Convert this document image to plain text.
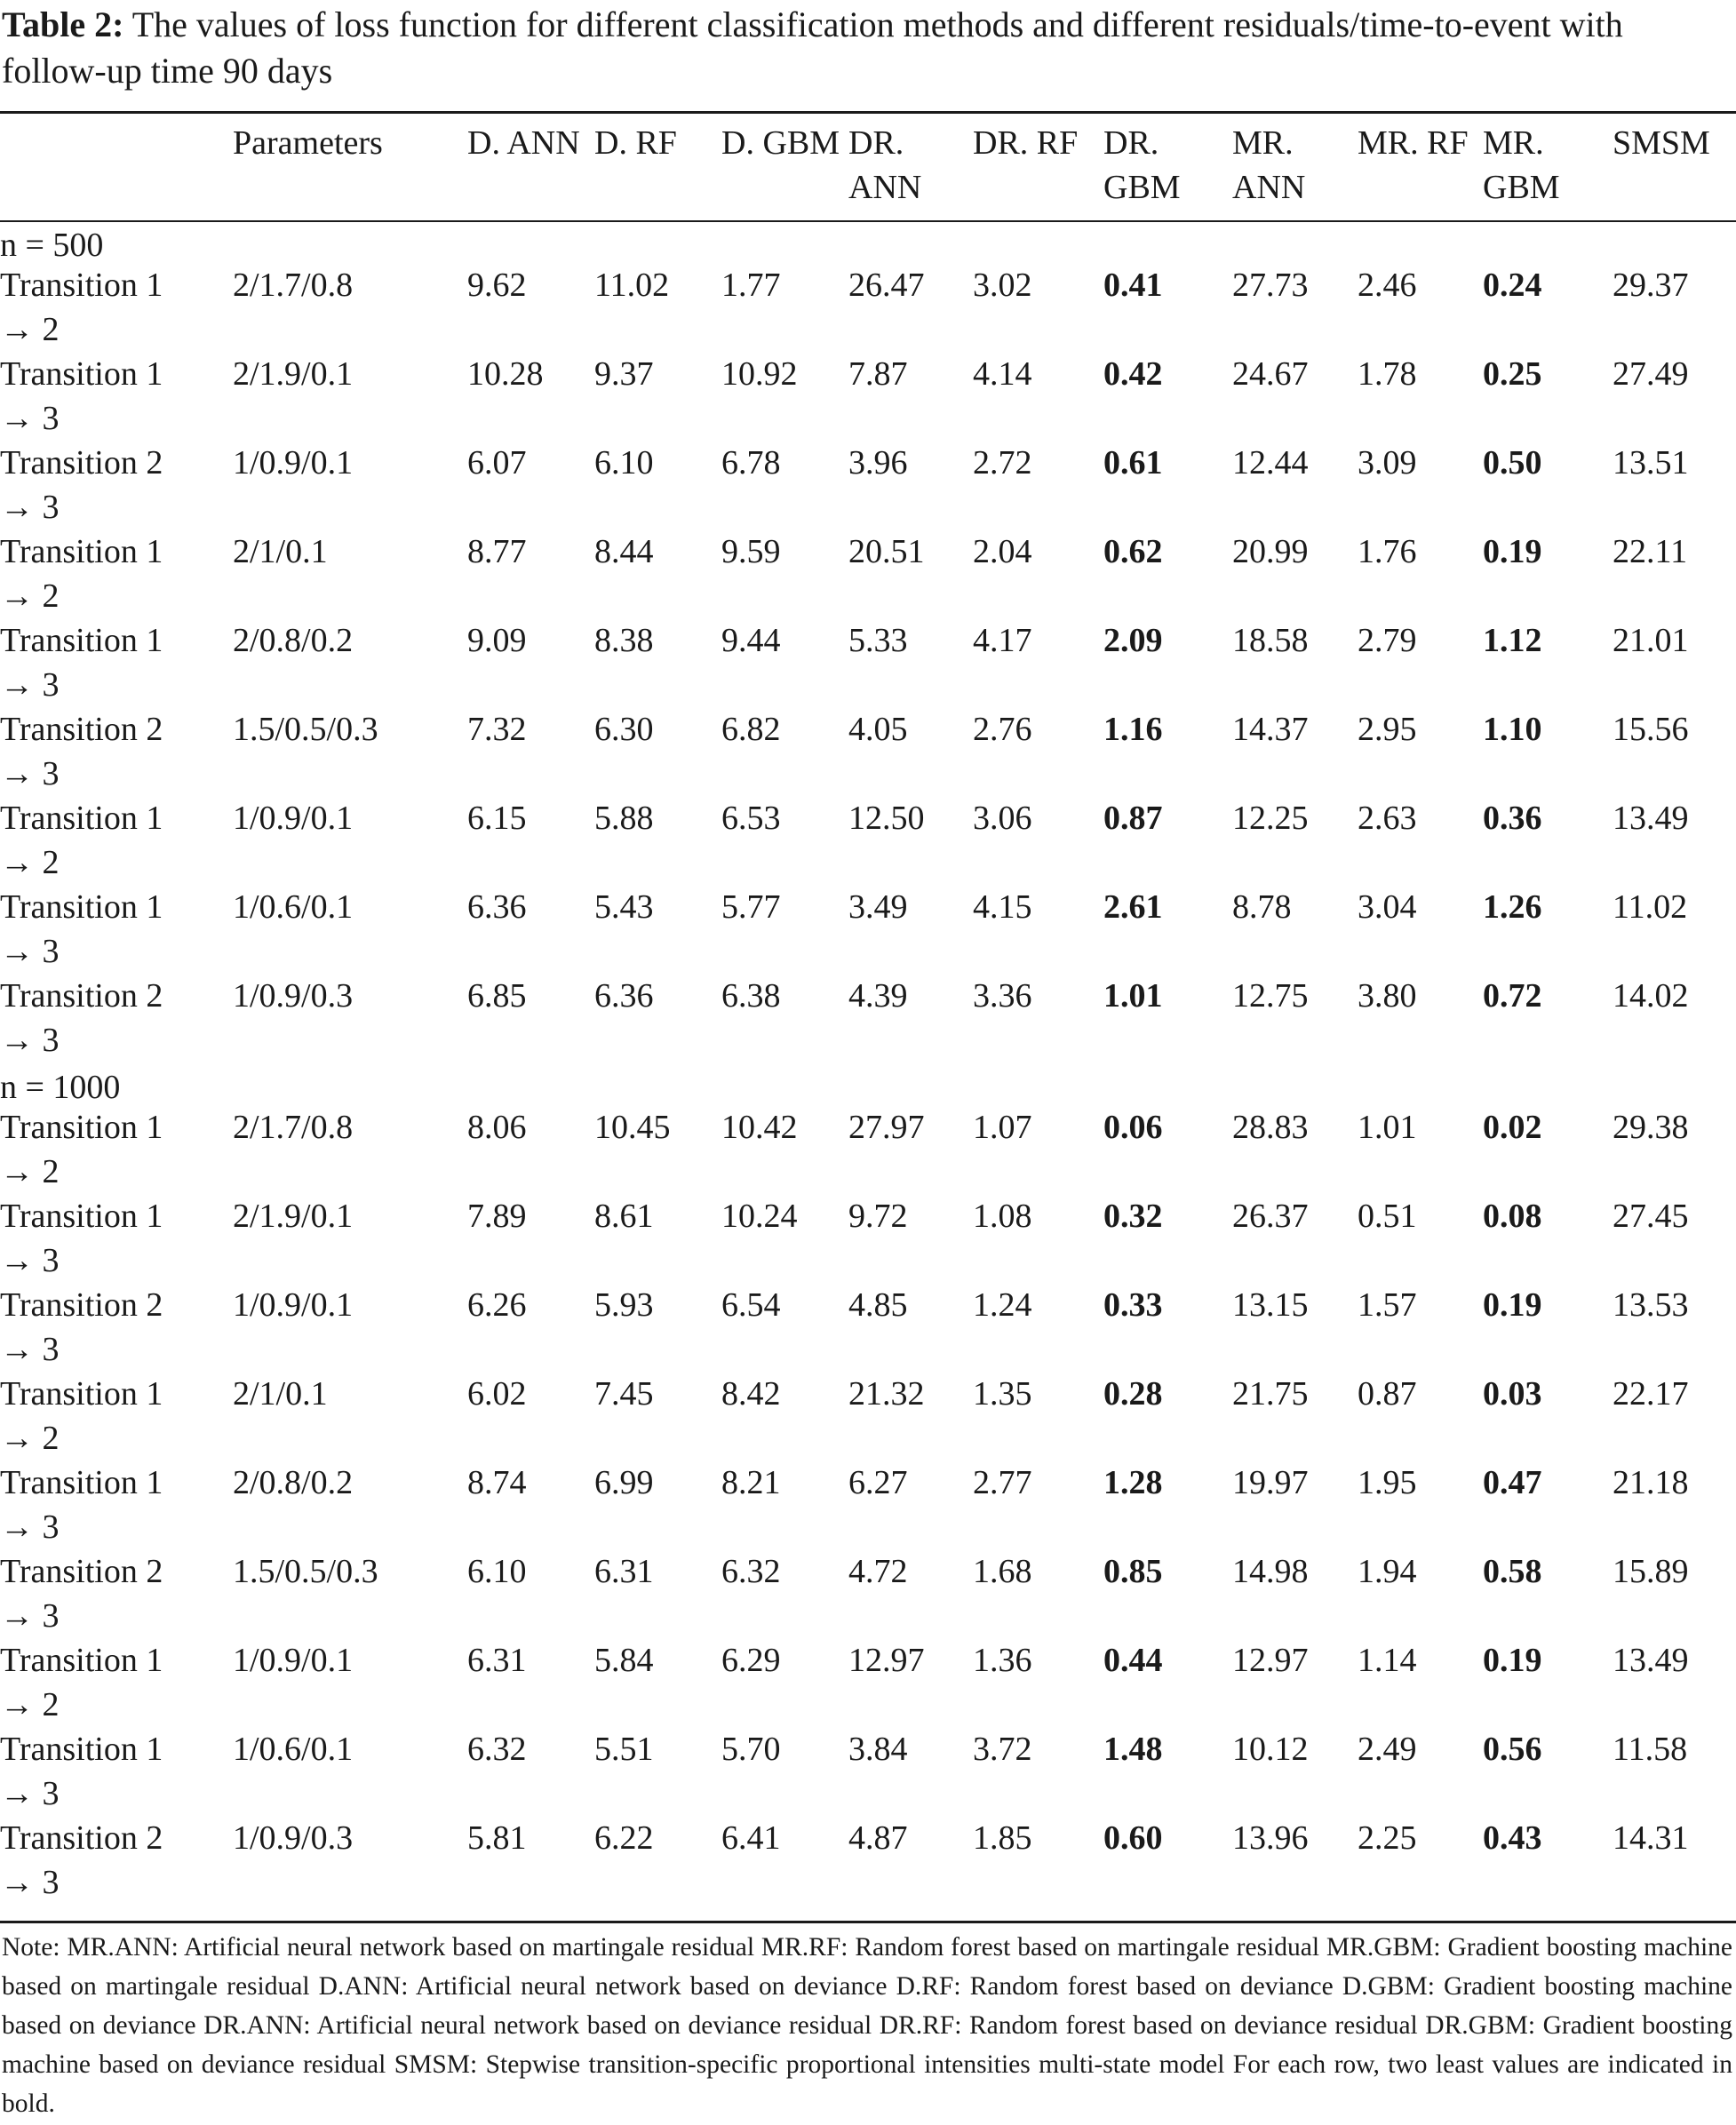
Table 2: The values of loss function for different classification methods and different residuals/time-to-event with follow-up time 90 days
	Parameters	D. ANN	D. RF	D. GBM	DR. ANN	DR. RF	DR. GBM	MR. ANN	MR. RF	MR. GBM	SMSM
n = 500											

Transition 1
→ 2	2/1.7/0.8	9.62	11.02	1.77	26.47	3.02	0.41	27.73	2.46	0.24	29.37

Transition 1
→ 3	2/1.9/0.1	10.28	9.37	10.92	7.87	4.14	0.42	24.67	1.78	0.25	27.49

Transition 2
→ 3	1/0.9/0.1	6.07	6.10	6.78	3.96	2.72	0.61	12.44	3.09	0.50	13.51

Transition 1
→ 2	2/1/0.1	8.77	8.44	9.59	20.51	2.04	0.62	20.99	1.76	0.19	22.11

Transition 1
→ 3	2/0.8/0.2	9.09	8.38	9.44	5.33	4.17	2.09	18.58	2.79	1.12	21.01

Transition 2
→ 3	1.5/0.5/0.3	7.32	6.30	6.82	4.05	2.76	1.16	14.37	2.95	1.10	15.56

Transition 1
→ 2	1/0.9/0.1	6.15	5.88	6.53	12.50	3.06	0.87	12.25	2.63	0.36	13.49

Transition 1
→ 3	1/0.6/0.1	6.36	5.43	5.77	3.49	4.15	2.61	8.78	3.04	1.26	11.02

Transition 2
→ 3	1/0.9/0.3	6.85	6.36	6.38	4.39	3.36	1.01	12.75	3.80	0.72	14.02
n = 1000											

Transition 1
→ 2	2/1.7/0.8	8.06	10.45	10.42	27.97	1.07	0.06	28.83	1.01	0.02	29.38

Transition 1
→ 3	2/1.9/0.1	7.89	8.61	10.24	9.72	1.08	0.32	26.37	0.51	0.08	27.45

Transition 2
→ 3	1/0.9/0.1	6.26	5.93	6.54	4.85	1.24	0.33	13.15	1.57	0.19	13.53

Transition 1
→ 2	2/1/0.1	6.02	7.45	8.42	21.32	1.35	0.28	21.75	0.87	0.03	22.17

Transition 1
→ 3	2/0.8/0.2	8.74	6.99	8.21	6.27	2.77	1.28	19.97	1.95	0.47	21.18

Transition 2
→ 3	1.5/0.5/0.3	6.10	6.31	6.32	4.72	1.68	0.85	14.98	1.94	0.58	15.89

Transition 1
→ 2	1/0.9/0.1	6.31	5.84	6.29	12.97	1.36	0.44	12.97	1.14	0.19	13.49

Transition 1
→ 3	1/0.6/0.1	6.32	5.51	5.70	3.84	3.72	1.48	10.12	2.49	0.56	11.58

Transition 2
→ 3	1/0.9/0.3	5.81	6.22	6.41	4.87	1.85	0.60	13.96	2.25	0.43	14.31
Note: MR.ANN: Artificial neural network based on martingale residual MR.RF: Random forest based on martingale residual MR.GBM: Gradient boosting machine based on martingale residual D.ANN: Artificial neural network based on deviance D.RF: Random forest based on deviance D.GBM: Gradient boosting machine based on deviance DR.ANN: Artificial neural network based on deviance residual DR.RF: Random forest based on deviance residual DR.GBM: Gradient boosting machine based on deviance residual SMSM: Stepwise transition-specific proportional intensities multi-state model For each row, two least values are indicated in bold.
